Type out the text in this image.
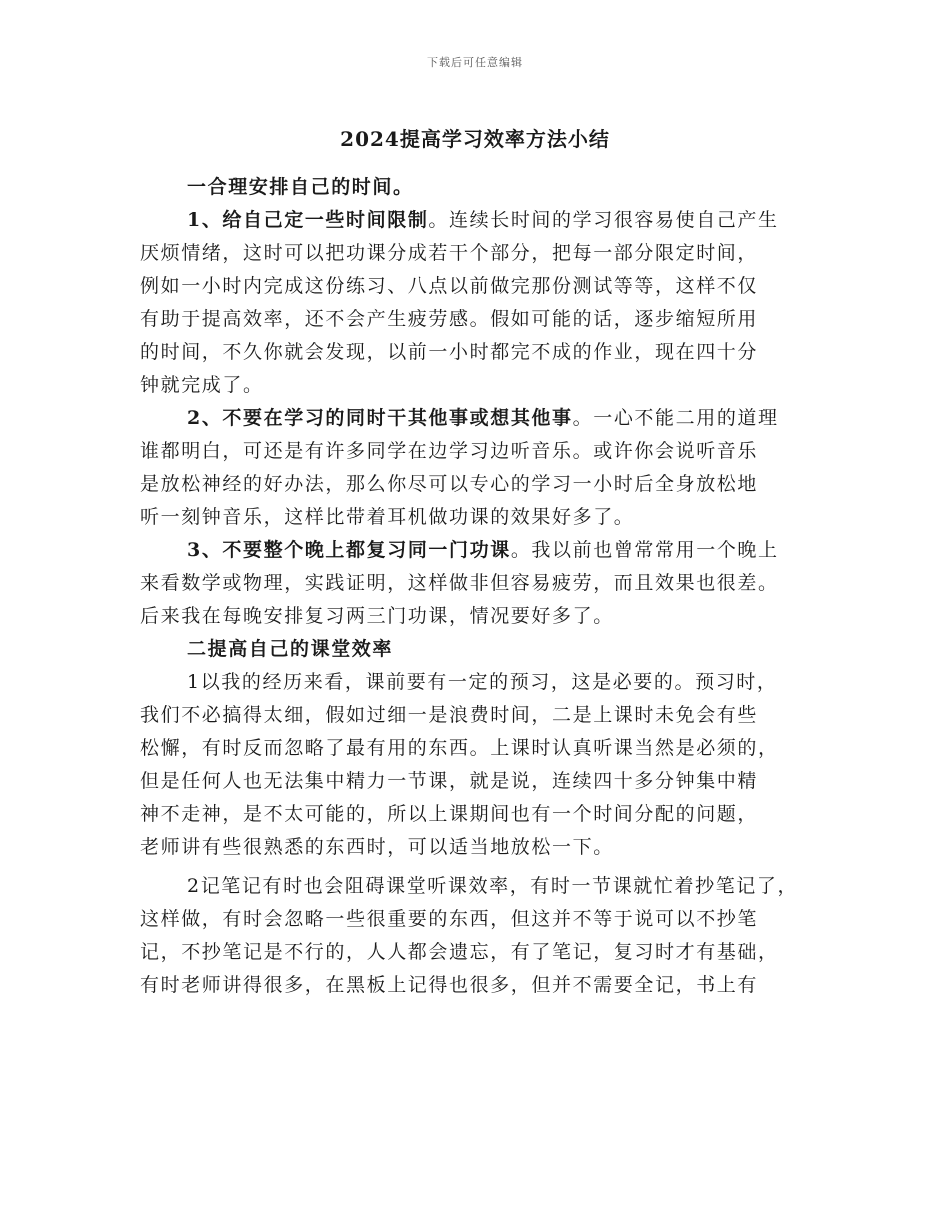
下载后可任意编辑
2024提高学习效率方法小结
一合理安排自己的时间。
1、给自己定一些时间限制。连续长时间的学习很容易使自己产生
厌烦情绪，这时可以把功课分成若干个部分，把每一部分限定时间，
例如一小时内完成这份练习、八点以前做完那份测试等等，这样不仅
有助于提高效率，还不会产生疲劳感。假如可能的话，逐步缩短所用
的时间，不久你就会发现，以前一小时都完不成的作业，现在四十分
钟就完成了。
2、不要在学习的同时干其他事或想其他事。一心不能二用的道理
谁都明白，可还是有许多同学在边学习边听音乐。或许你会说听音乐
是放松神经的好办法，那么你尽可以专心的学习一小时后全身放松地
听一刻钟音乐，这样比带着耳机做功课的效果好多了。
3、不要整个晚上都复习同一门功课。我以前也曾常常用一个晚上
来看数学或物理，实践证明，这样做非但容易疲劳，而且效果也很差。
后来我在每晚安排复习两三门功课，情况要好多了。
二提高自己的课堂效率
1以我的经历来看，课前要有一定的预习，这是必要的。预习时，
我们不必搞得太细，假如过细一是浪费时间，二是上课时未免会有些
松懈，有时反而忽略了最有用的东西。上课时认真听课当然是必须的，
但是任何人也无法集中精力一节课，就是说，连续四十多分钟集中精
神不走神，是不太可能的，所以上课期间也有一个时间分配的问题，
老师讲有些很熟悉的东西时，可以适当地放松一下。
2记笔记有时也会阻碍课堂听课效率，有时一节课就忙着抄笔记了，
这样做，有时会忽略一些很重要的东西，但这并不等于说可以不抄笔
记，不抄笔记是不行的，人人都会遗忘，有了笔记，复习时才有基础，
有时老师讲得很多，在黑板上记得也很多，但并不需要全记，书上有
